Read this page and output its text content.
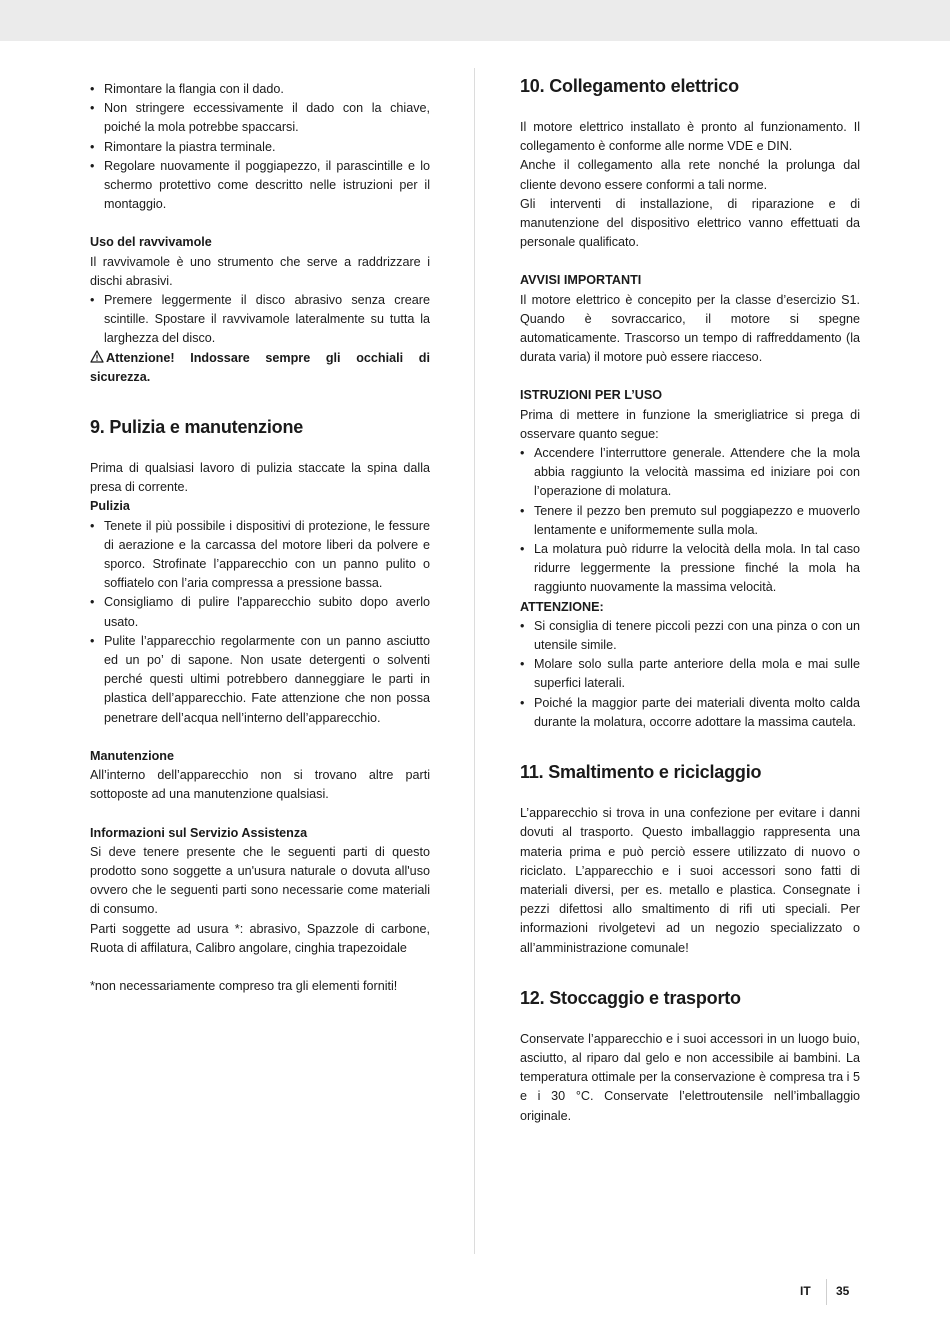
• Rimontare la flangia con il dado.
• Non stringere eccessivamente il dado con la chiave, poiché la mola potrebbe spaccarsi.
• Rimontare la piastra terminale.
• Regolare nuovamente il poggiapezzo, il parascintille e lo schermo protettivo come descritto nelle istruzioni per il montaggio.

Uso del ravvivamole

Il ravvivamole è uno strumento che serve a raddrizzare i dischi abrasivi.

• Premere leggermente il disco abrasivo senza creare scintille. Spostare il ravvivamole lateralmente su tutta la larghezza del disco.

Attenzione! Indossare sempre gli occhiali di sicurezza.

9. Pulizia e manutenzione

Prima di qualsiasi lavoro di pulizia staccate la spina dalla presa di corrente.

Pulizia

• Tenete il più possibile i dispositivi di protezione, le fessure di aerazione e la carcassa del motore liberi da polvere e sporco. Strofinate l’apparecchio con un panno pulito o soffiatelo con l’aria compressa a pressione bassa.
• Consigliamo di pulire l'apparecchio subito dopo averlo usato.
• Pulite l’apparecchio regolarmente con un panno asciutto ed un po’ di sapone. Non usate detergenti o solventi perché questi ultimi potrebbero danneggiare le parti in plastica dell’apparecchio. Fate attenzione che non possa penetrare dell’acqua nell’interno dell’apparecchio.

Manutenzione

All’interno dell’apparecchio non si trovano altre parti sottoposte ad una manutenzione qualsiasi.

Informazioni sul Servizio Assistenza

Si deve tenere presente che le seguenti parti di questo prodotto sono soggette a un'usura naturale o dovuta all'uso ovvero che le seguenti parti sono necessarie come materiali di consumo.

Parti soggette ad usura *: abrasivo, Spazzole di carbone, Ruota di affilatura, Calibro angolare, cinghia trapezoidale

*non necessariamente compreso tra gli elementi forniti!

10. Collegamento elettrico

Il motore elettrico installato è pronto al funzionamento. Il collegamento è conforme alle norme VDE e DIN.

Anche il collegamento alla rete nonché la prolunga dal cliente devono essere conformi a tali norme.

Gli interventi di installazione, di riparazione e di manutenzione del dispositivo elettrico vanno effettuati da personale qualificato.

AVVISI IMPORTANTI

Il motore elettrico è concepito per la classe d’esercizio S1. Quando è sovraccarico, il motore si spegne automaticamente. Trascorso un tempo di raffreddamento (la durata varia) il motore può essere riacceso.

ISTRUZIONI PER L’USO

Prima di mettere in funzione la smerigliatrice si prega di osservare quanto segue:

• Accendere l’interruttore generale. Attendere che la mola abbia raggiunto la velocità massima ed iniziare poi con l’operazione di molatura.
• Tenere il pezzo ben premuto sul poggiapezzo e muoverlo lentamente e uniformemente sulla mola.
• La molatura può ridurre la velocità della mola. In tal caso ridurre leggermente la pressione finché la mola ha raggiunto nuovamente la massima velocità.

ATTENZIONE:

• Si consiglia di tenere piccoli pezzi con una pinza o con un utensile simile.
• Molare solo sulla parte anteriore della mola e mai sulle superfici laterali.
• Poiché la maggior parte dei materiali diventa molto calda durante la molatura, occorre adottare la massima cautela.
11. Smaltimento e riciclaggio

L’apparecchio si trova in una confezione per evitare i danni dovuti al trasporto. Questo imballaggio rappresenta una materia prima e può perciò essere utilizzato di nuovo o riciclato. L’apparecchio e i suoi accessori sono fatti di materiali diversi, per es. metallo e plastica. Consegnate i pezzi difettosi allo smaltimento di rifi uti speciali. Per informazioni rivolgetevi ad un negozio specializzato o all’amministrazione comunale!

12. Stoccaggio e trasporto

Conservate l’apparecchio e i suoi accessori in un luogo buio, asciutto, al riparo dal gelo e non accessibile ai bambini. La temperatura ottimale per la conservazione è compresa tra i 5 e i 30 °C. Conservate l’elettroutensile nell’imballaggio originale.

IT 35
